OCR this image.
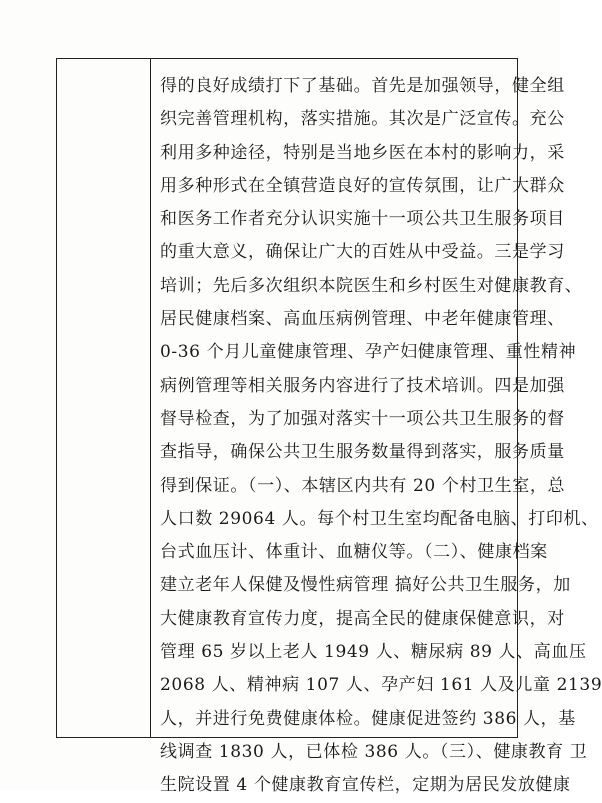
得的良好成绩打下了基础。首先是加强领导，健全组
织完善管理机构，落实措施。其次是广泛宣传。充公
利用多种途径，特别是当地乡医在本村的影响力，采
用多种形式在全镇营造良好的宣传氛围，让广大群众
和医务工作者充分认识实施十一项公共卫生服务项目
的重大意义，确保让广大的百姓从中受益。三是学习
培训；先后多次组织本院医生和乡村医生对健康教育、
居民健康档案、高血压病例管理、中老年健康管理、
0-36 个月儿童健康管理、孕产妇健康管理、重性精神
病例管理等相关服务内容进行了技术培训。四是加强
督导检查，为了加强对落实十一项公共卫生服务的督
查指导，确保公共卫生服务数量得到落实，服务质量
得到保证。（一）、本辖区内共有 20 个村卫生室，总
人口数 29064 人。每个村卫生室均配备电脑、打印机、
台式血压计、体重计、血糖仪等。（二）、健康档案
建立老年人保健及慢性病管理 搞好公共卫生服务，加
大健康教育宣传力度，提高全民的健康保健意识，对
管理 65 岁以上老人 1949 人、糖尿病 89 人、高血压
2068 人、精神病 107 人、孕产妇 161 人及儿童 2139
人，并进行免费健康体检。健康促进签约 386 人，基
线调查 1830 人，已体检 386 人。（三）、健康教育 卫
生院设置 4 个健康教育宣传栏，定期为居民发放健康
